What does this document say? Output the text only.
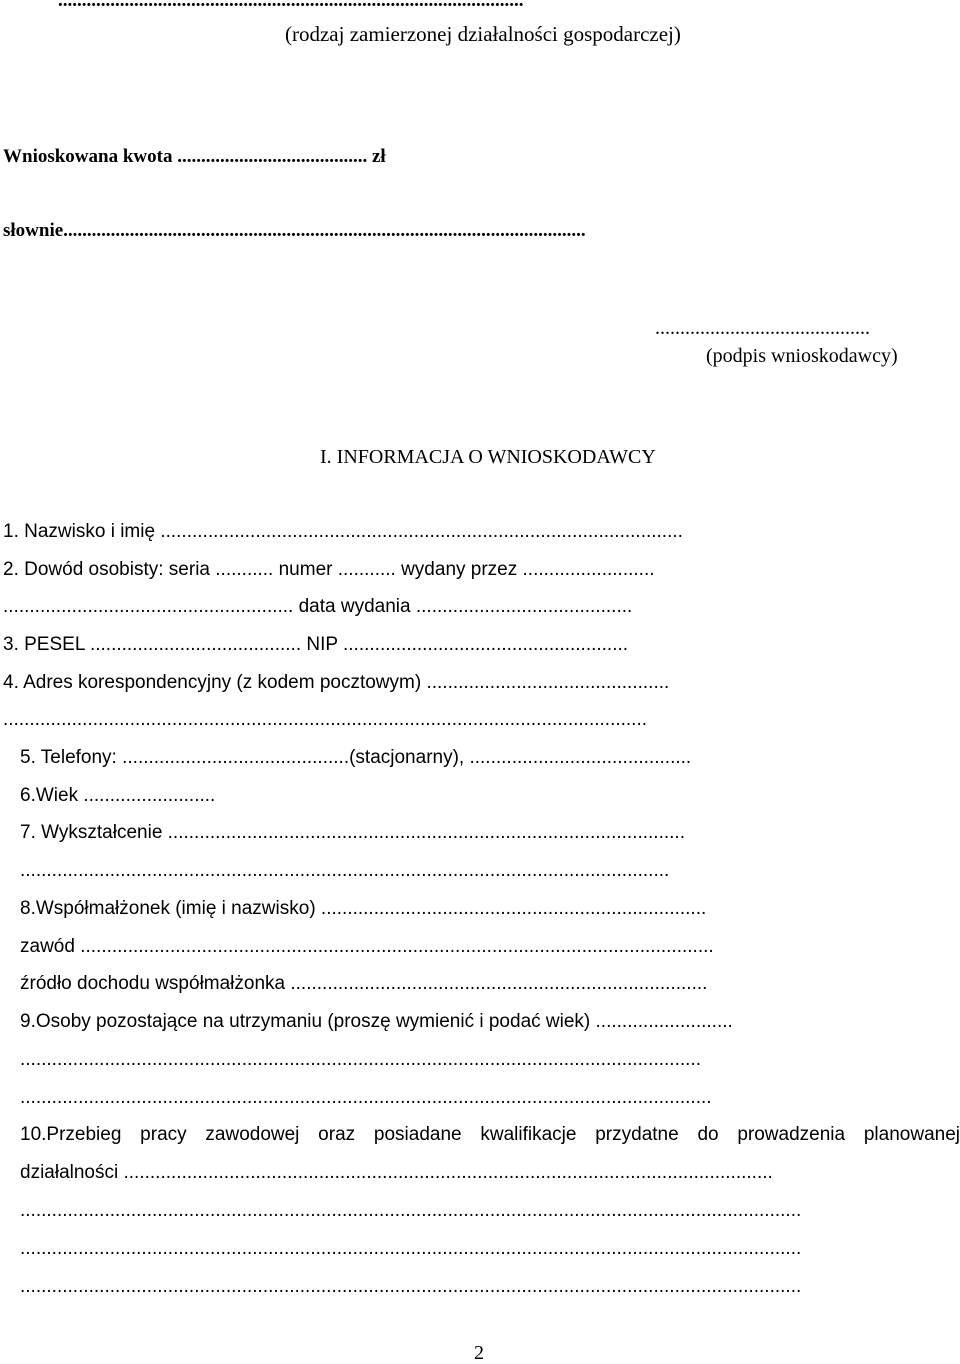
..................................................................................................
(rodzaj zamierzonej działalności gospodarczej)
Wnioskowana kwota ........................................ zł
słownie..............................................................................................................
...........................................
(podpis wnioskodawcy)
I. INFORMACJA O WNIOSKODAWCY
1. Nazwisko i imię ...................................................................................................
2. Dowód osobisty: seria ........... numer ........... wydany przez .........................
....................................................... data wydania .........................................
3. PESEL ........................................ NIP ......................................................
4. Adres korespondencyjny (z kodem pocztowym) ..............................................
..........................................................................................................................
5. Telefony: ...........................................(stacjonarny), ..........................................
6.Wiek .........................
7. Wykształcenie ..................................................................................................
...........................................................................................................................
8.Współmałżonek (imię i nazwisko) .........................................................................
zawód ........................................................................................................................
źródło dochodu współmałżonka ...............................................................................
9.Osoby pozostające na utrzymaniu (proszę wymienić i podać wiek) ..........................
.................................................................................................................................
...................................................................................................................................
10.Przebieg pracy zawodowej oraz posiadane kwalifikacje przydatne do prowadzenia planowanej
działalności ...........................................................................................................................
....................................................................................................................................................
....................................................................................................................................................
....................................................................................................................................................
2
